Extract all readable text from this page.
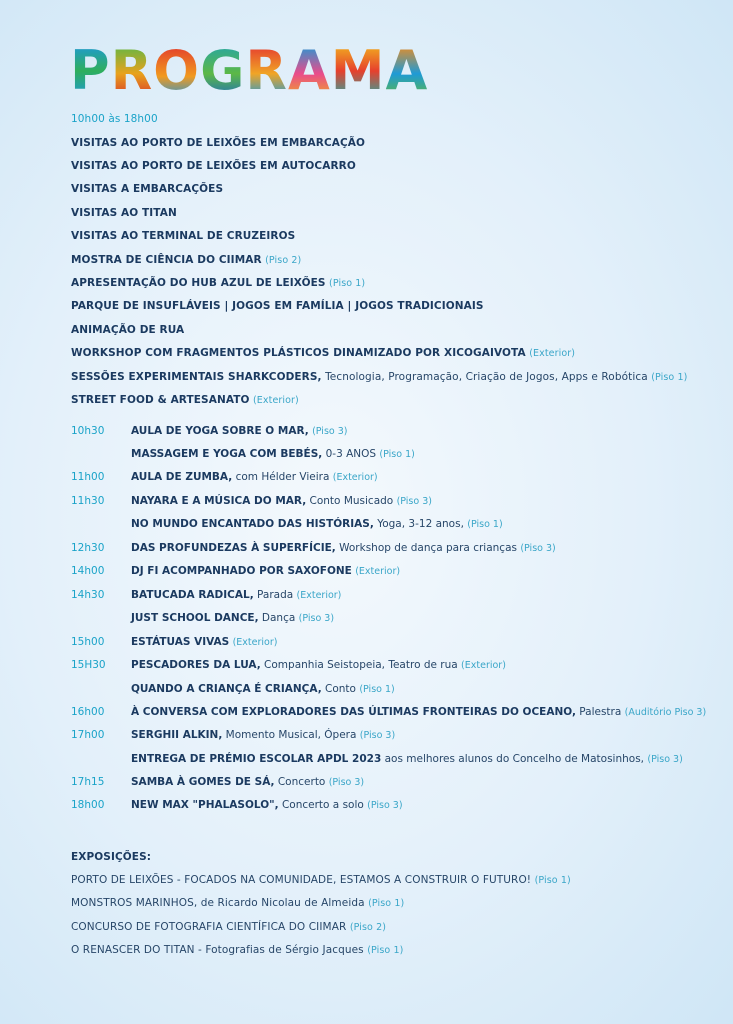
P R O G R A M A
10h00 às 18h00
VISITAS AO PORTO DE LEIXÕES EM EMBARCAÇÃO
VISITAS AO PORTO DE LEIXÕES EM AUTOCARRO
VISITAS A EMBARCAÇÕES
VISITAS AO TITAN
VISITAS AO TERMINAL DE CRUZEIROS
MOSTRA DE CIÊNCIA DO CIIMAR (Piso 2)
APRESENTAÇÃO DO HUB AZUL DE LEIXÕES (Piso 1)
PARQUE DE INSUFLÁVEIS | JOGOS EM FAMÍLIA | JOGOS TRADICIONAIS
ANIMAÇÃO DE RUA
WORKSHOP COM FRAGMENTOS PLÁSTICOS DINAMIZADO POR XICOGAIVOTA (Exterior)
SESSÕES EXPERIMENTAIS SHARKCODERS, Tecnologia, Programação, Criação de Jogos, Apps e Robótica (Piso 1)
STREET FOOD & ARTESANATO (Exterior)
10h30	AULA DE YOGA SOBRE O MAR, (Piso 3)
MASSAGEM E YOGA COM BEBÉS, 0-3 ANOS (Piso 1)
11h00	AULA DE ZUMBA, com Hélder Vieira (Exterior)
11h30	NAYARA E A MÚSICA DO MAR, Conto Musicado (Piso 3)
NO MUNDO ENCANTADO DAS HISTÓRIAS, Yoga, 3-12 anos, (Piso 1)
12h30	DAS PROFUNDEZAS À SUPERFÍCIE, Workshop de dança para crianças (Piso 3)
14h00	DJ FI ACOMPANHADO POR SAXOFONE (Exterior)
14h30	BATUCADA RADICAL, Parada (Exterior)
JUST SCHOOL DANCE, Dança (Piso 3)
15h00	ESTÁTUAS VIVAS (Exterior)
15H30 PESCADORES DA LUA, Companhia Seistopeia, Teatro de rua (Exterior)
QUANDO A CRIANÇA É CRIANÇA, Conto (Piso 1)
16h00	À CONVERSA COM EXPLORADORES DAS ÚLTIMAS FRONTEIRAS DO OCEANO, Palestra (Auditório Piso 3)
17h00	SERGHII ALKIN, Momento Musical, Ópera (Piso 3)
ENTREGA DE PRÉMIO ESCOLAR APDL 2023 aos melhores alunos do Concelho de Matosinhos, (Piso 3)
17h15	SAMBA À GOMES DE SÁ, Concerto (Piso 3)
18h00	NEW MAX "PHALASOLO", Concerto a solo (Piso 3)
EXPOSIÇÕES:
PORTO DE LEIXÕES - FOCADOS NA COMUNIDADE, ESTAMOS A CONSTRUIR O FUTURO! (Piso 1)
MONSTROS MARINHOS, de Ricardo Nicolau de Almeida (Piso 1)
CONCURSO DE FOTOGRAFIA CIENTÍFICA DO CIIMAR (Piso 2)
O RENASCER DO TITAN - Fotografias de Sérgio Jacques (Piso 1)
